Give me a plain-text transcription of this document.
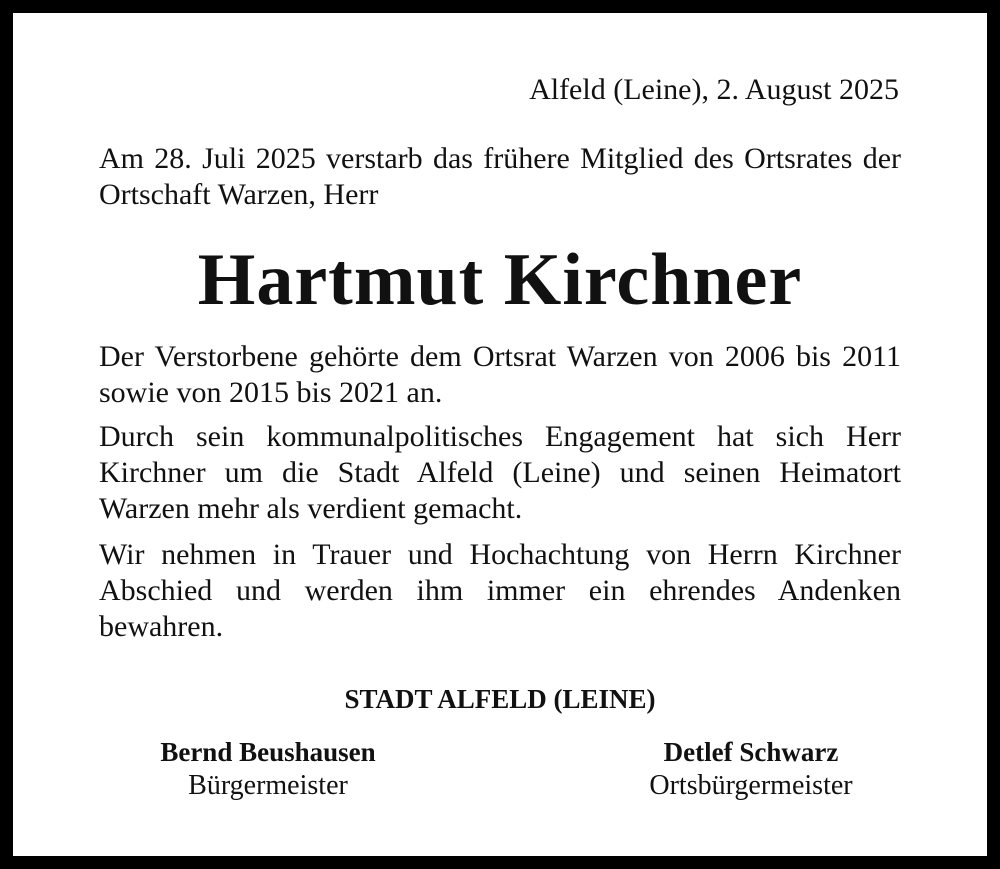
Alfeld (Leine), 2. August 2025

Am 28. Juli 2025 verstarb das frühere Mitglied des Ortsrates der Ortschaft Warzen, Herr

Hartmut Kirchner

Der Verstorbene gehörte dem Ortsrat Warzen von 2006 bis 2011 sowie von 2015 bis 2021 an.

Durch sein kommunalpolitisches Engagement hat sich Herr Kirchner um die Stadt Alfeld (Leine) und seinen Heimatort Warzen mehr als verdient gemacht.

Wir nehmen in Trauer und Hochachtung von Herrn Kirchner Abschied und werden ihm immer ein ehrendes Andenken bewahren.

STADT ALFELD (LEINE)
Bernd Beushausen
Bürgermeister
Detlef Schwarz
Ortsbürgermeister
